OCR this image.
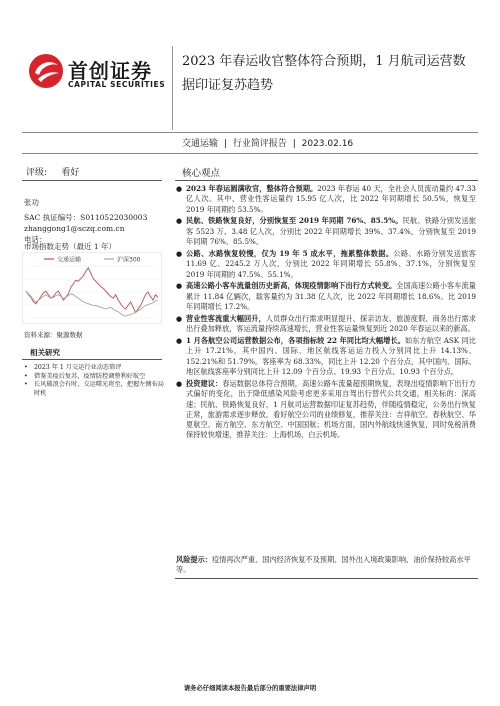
首创证券
CAPITAL SECURITIES
2023 年春运收官整体符合预期，1 月航司运营数据印证复苏趋势
交通运输 | 行业简评报告 | 2023.02.16
评级: 看好
张功
SAC 执证编号：S0110522030003
zhanggong1@sczq.com.cn
电话：
市场指数走势（最近 1 年）
交通运输	沪深300
资料来源：聚源数据
相关研究
•	2023 年 1 月交运行业动态简评
•	借鉴美疫后复苏，疫情防控调整利好航空
•	长风破浪会有时，交运曙光将至，把握左侧布局时机
核心观点
● 2023 年春运圆满收官，整体符合预期。2023 年春运 40 天，全社会人员流动量约 47.33 亿人次。其中，营业性客运量约 15.95 亿人次，比 2022 年同期增长 50.5%，恢复至 2019 年同期约 53.5%。
● 民航、铁路恢复良好，分别恢复至 2019 年同期 76%、85.5%。民航、铁路分别发送旅客 5523 万、3.48 亿人次，分别比 2022 年同期增长 39%、37.4%，分别恢复至 2019 年同期 76%、85.5%。
● 公路、水路恢复较慢，仅为 19 年 5 成水平，拖累整体数据。公路、水路分别发送旅客 11.69 亿、2245.2 万人次，分别比 2022 年同期增长 55.8%、37.1%，分别恢复至 2019 年同期的 47.5%、55.1%。
● 高速公路小客车流量创历史新高，体现疫情影响下出行方式转变。全国高速公路小客车流量累计 11.84 亿辆次，载客量约为 31.38 亿人次，比 2022 年同期增长 18.6%。比 2019 年同期增长 17.2%。
● 营业性客流重大幅回升，人员群众出行需求明显提升、探亲访友、旅游度假、商务出行需求出行叠加释放，客运流量持续高速增长，营业性客运量恢复到近 2020 年春运以来的新高。
● 1 月各航空公司运营数据公布，各项指标较 22 年同比均大幅增长。如东方航空 ASK 同比上升 17.21%，其中国内、国际、地区航线客运运力投入分别同比上升 14.13%、152.21%和 51.79%。客座率为 68.33%，同比上升 12.20 个百分点，其中国内、国际、地区航线客座率分别同比上升 12.09 个百分点、19.93 个百分点、10.93 个百分点。
● 投资建议：春运数据总体符合预期，高速公路车流量超预期恢复，表现出疫情影响下出行方式偏好的变化，出于降低感染风险考虑更多采用自驾出行替代公共交通，相关标的：深高速；民航、铁路恢复良好，1 月航司运营数据印证复苏趋势，伴随疫情稳定，公务出行恢复正常，旅游需求逐步释放，看好航空公司的业绩修复，推荐关注：吉祥航空、春秋航空、华夏航空、南方航空、东方航空、中国国航；机场方面，国内外航线快速恢复，同时免税消费保持较快增速，推荐关注：上海机场、白云机场。
风险提示：疫情再次严重、国内经济恢复不及预期、国外出入境政策影响、油价保持较高水平等。
请务必仔细阅读本报告最后部分的重要法律声明
